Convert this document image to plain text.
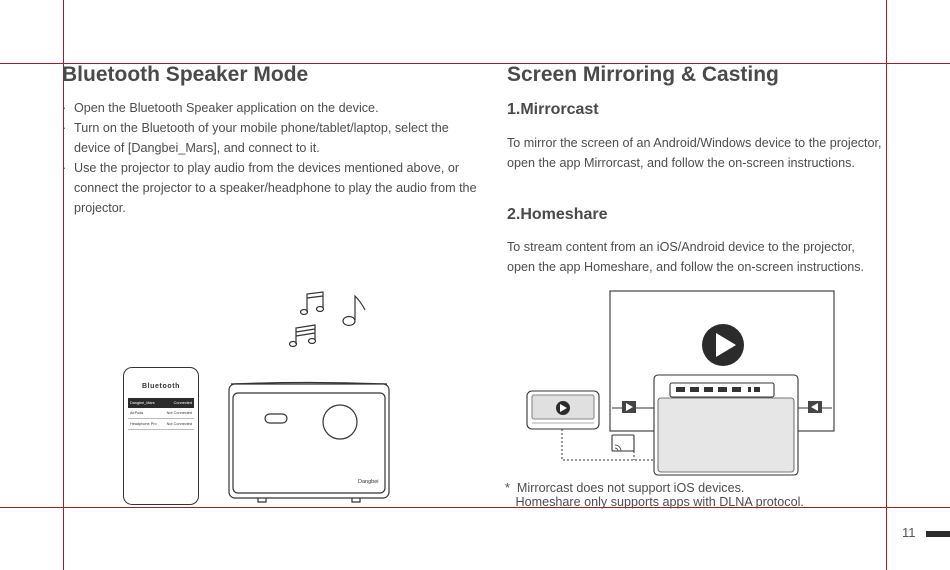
Bluetooth Speaker Mode
· Open the Bluetooth Speaker application on the device.
· Turn on the Bluetooth of your mobile phone/tablet/laptop, select the device of [Dangbei_Mars], and connect to it.
· Use the projector to play audio from the devices mentioned above, or connect the projector to a speaker/headphone to play the audio from the projector.
Bluetooth
Dangbei_Mars	Connected
AirPods	Not Connected
Headphone Pro	Not Connected
Dangbei
Screen Mirroring & Casting
1.Mirrorcast

To mirror the screen of an Android/Windows device to the projector, open the app Mirrorcast, and follow the on-screen instructions.

2.Homeshare

To stream content from an iOS/Android device to the projector, open the app Homeshare, and follow the on-screen instructions.

*  Mirrorcast does not support iOS devices.
Homeshare only supports apps with DLNA protocol.
11
